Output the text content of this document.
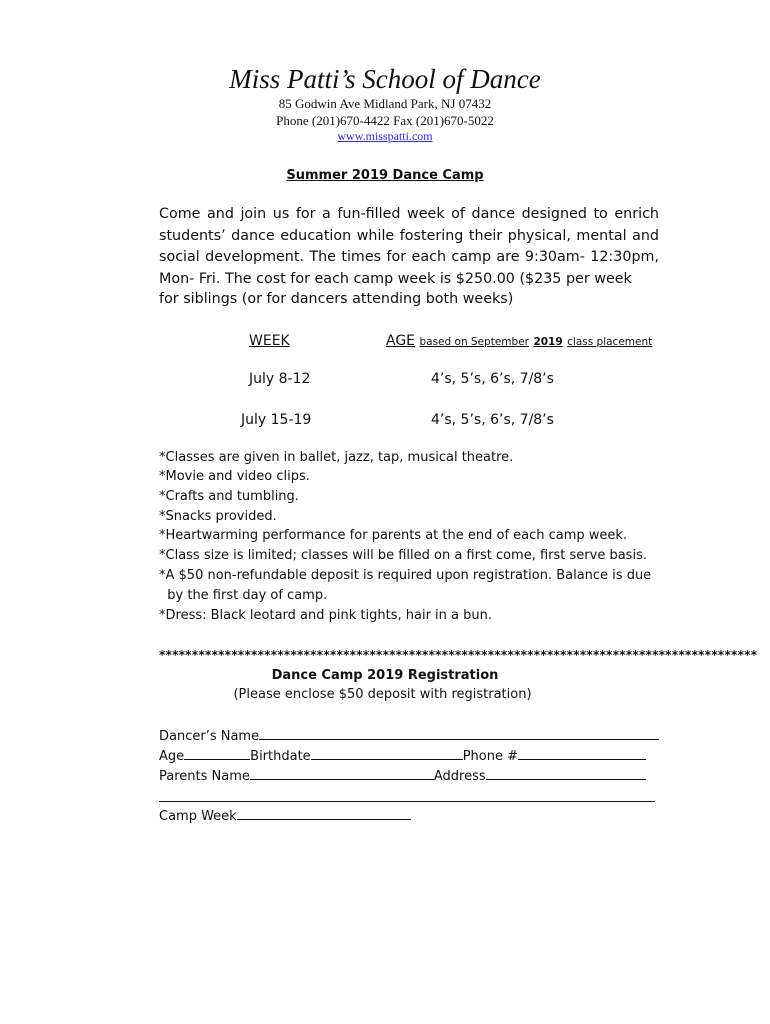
Miss Patti’s School of Dance
85 Godwin Ave Midland Park, NJ 07432
Phone (201)670-4422 Fax (201)670-5022
www.misspatti.com
Summer 2019 Dance Camp

Come and join us for a fun-filled week of dance designed to enrich students’ dance education while fostering their physical, mental and social development. The times for each camp are 9:30am- 12:30pm, Mon- Fri. The cost for each camp week is $250.00 ($235 per week

for siblings (or for dancers attending both weeks)
WEEK	AGE based on September 2019 class placement
July 8-12	4’s, 5’s, 6’s, 7/8’s
July 15-19	4’s, 5’s, 6’s, 7/8’s
*Classes are given in ballet, jazz, tap, musical theatre.
*Movie and video clips.
*Crafts and tumbling.
*Snacks provided.
*Heartwarming performance for parents at the end of each camp week.
*Class size is limited; classes will be filled on a first come, first serve basis.
*A $50 non-refundable deposit is required upon registration. Balance is due
by the first day of camp.
*Dress: Black leotard and pink tights, hair in a bun.
*******************************************************************************************
Dance Camp 2019 Registration
(Please enclose $50 deposit with registration)
Dancer’s Name
Age	Birthdate	Phone #
Parents Name	Address
Camp Week
